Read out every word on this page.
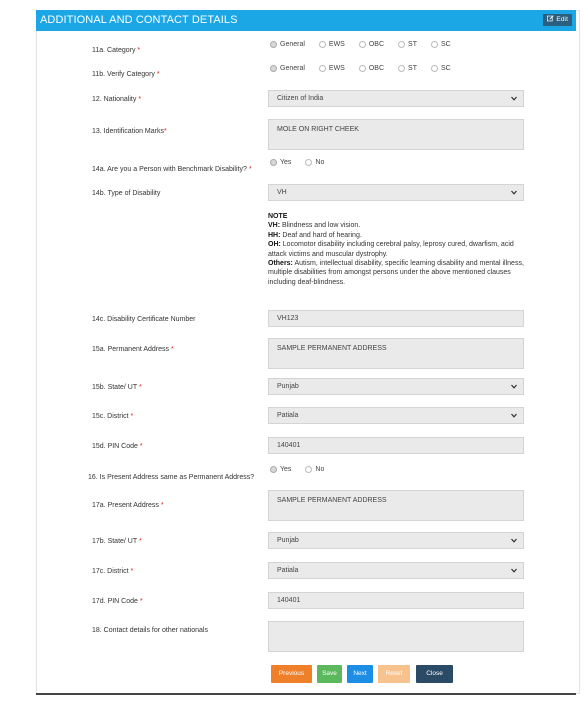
ADDITIONAL AND CONTACT DETAILS	Edit
11a. Category *
General	EWS	OBC	ST	SC
11b. Verify Category *
General	EWS	OBC	ST	SC
12. Nationality *	Citizen of India
13. Identification Marks*	MOLE ON RIGHT CHEEK
14a. Are you a Person with Benchmark Disability? *
Yes	No
14b. Type of Disability	VH
NOTE
VH: Blindness and low vision.
HH: Deaf and hard of hearing.
OH: Locomotor disability including cerebral palsy, leprosy cured, dwarfism, acid attack victims and muscular dystrophy.
Others: Autism, intellectual disability, specific learning disability and mental illness, multiple disabilities from amongst persons under the above mentioned clauses including deaf-blindness.
14c. Disability Certificate Number	VH123
15a. Permanent Address *	SAMPLE PERMANENT ADDRESS
15b. State/ UT *	Punjab
15c. District *	Patiala
15d. PIN Code *	140401
16. Is Present Address same as Permanent Address?
Yes	No
17a. Present Address *
SAMPLE PERMANENT ADDRESS
17b. State/ UT *	Punjab
17c. District *	Patiala
17d. PIN Code *	140401
18. Contact details for other nationals
Previous	Save	Next	Reset	Close
